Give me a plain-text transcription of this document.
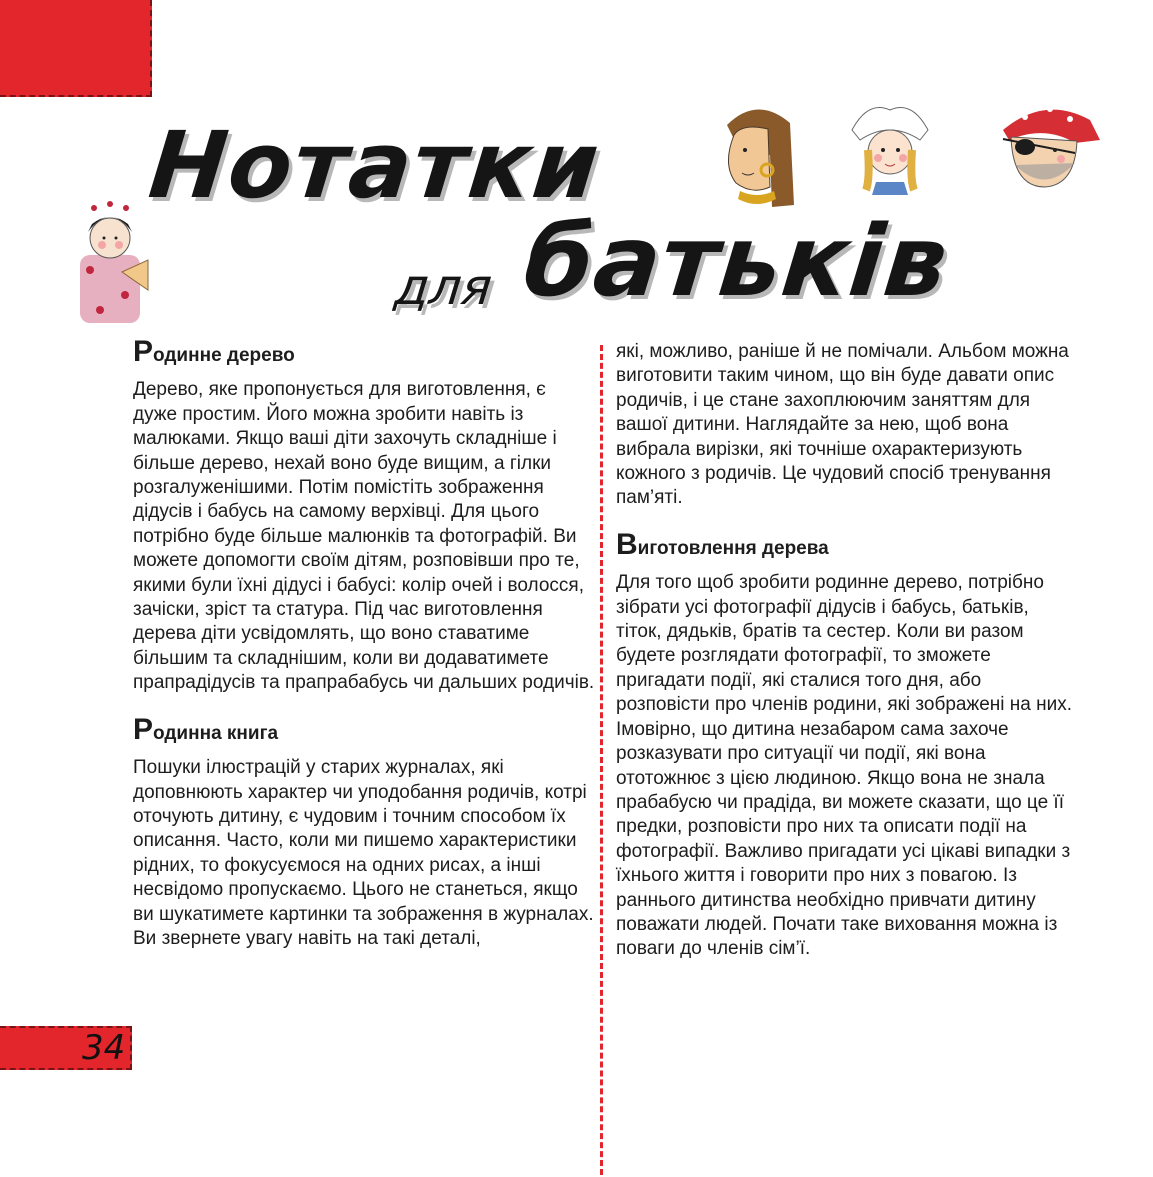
Нотатки
для батьків
Родинне дерево

Дерево, яке пропонується для виготовлення, є дуже простим. Його можна зробити навіть із малюками. Якщо ваші діти захочуть складніше і більше дерево, нехай воно буде вищим, а гілки розгалуженішими. Потім помістіть зображення дідусів і бабусь на самому верхівці. Для цього потрібно буде більше малюнків та фотографій. Ви можете допомогти своїм дітям, розповівши про те, якими були їхні дідусі і бабусі: колір очей і волосся, зачіски, зріст та статура. Під час виготовлення дерева діти усвідомлять, що воно ставатиме більшим та складнішим, коли ви додаватимете прапрадідусів та прапрабабусь чи дальших родичів.

Родинна книга

Пошуки ілюстрацій у старих журналах, які доповнюють характер чи уподобання родичів, котрі оточують дитину, є чудовим і точним способом їх описання. Часто, коли ми пишемо характеристики рідних, то фокусуємося на одних рисах, а інші несвідомо пропускаємо. Цього не станеться, якщо ви шукатимете картинки та зображення в журналах. Ви звернете увагу навіть на такі деталі,

які, можливо, раніше й не помічали. Альбом можна виготовити таким чином, що він буде давати опис родичів, і це стане захоплюючим заняттям для вашої дитини. Наглядайте за нею, щоб вона вибрала вирізки, які точніше охарактеризують кожного з родичів. Це чудовий спосіб тренування пам’яті.

Виготовлення дерева

Для того щоб зробити родинне дерево, потрібно зібрати усі фотографії дідусів і бабусь, батьків, тіток, дядьків, братів та сестер. Коли ви разом будете розглядати фотографії, то зможете пригадати події, які сталися того дня, або розповісти про членів родини, які зображені на них. Імовірно, що дитина незабаром сама захоче розказувати про ситуації чи події, які вона ототожнює з цією людиною. Якщо вона не знала прабабусю чи прадіда, ви можете сказати, що це її предки, розповісти про них та описати події на фотографії. Важливо пригадати усі цікаві випадки з їхнього життя і говорити про них з повагою. Із раннього дитинства необхідно привчати дитину поважати людей. Почати таке виховання можна із поваги до членів сім’ї.

34
